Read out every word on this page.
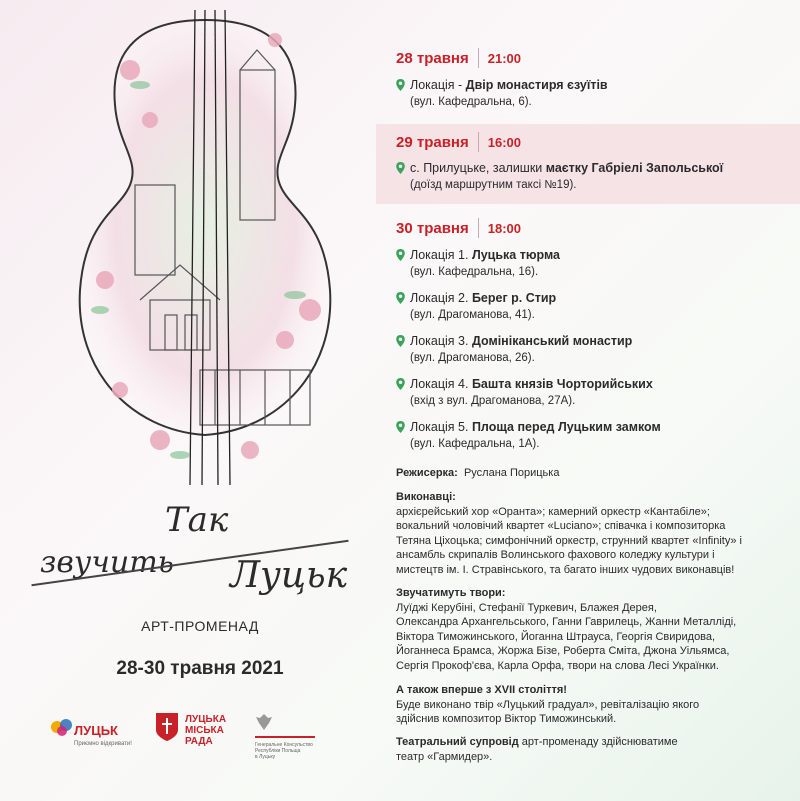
Так
звучить Луцьк
АРТ-ПРОМЕНАД
28-30 травня 2021
ЛУЦЬК
Приємно відкривати!
ЛУЦЬКА
МІСЬКА
РАДА	Генеральне Консульство
Республіки Польща
в Луцьку
28 травня 21:00
Локація - Двір монастиря єзуїтів
(вул. Кафедральна, 6).
29 травня 16:00
с. Прилуцьке, залишки маєтку Габріелі Запольської
(доїзд маршрутним таксі №19).
30 травня 18:00
Локація 1. Луцька тюрма
(вул. Кафедральна, 16).
Локація 2. Берег р. Стир
(вул. Драгоманова, 41).
Локація 3. Домініканський монастир
(вул. Драгоманова, 26).
Локація 4. Башта князів Чорторийських
(вхід з вул. Драгоманова, 27А).
Локація 5. Площа перед Луцьким замком
(вул. Кафедральна, 1А).
Режисерка: Руслана Порицька
Виконавці:
архієрейський хор «Оранта»; камерний оркестр «Кантабіле»;
вокальний чоловічий квартет «Luciano»; співачка і композиторка
Тетяна Ціхоцька; симфонічний оркестр, струнний квартет «Infinity» і
ансамбль скрипалів Волинського фахового коледжу культури і
мистецтв ім. І. Стравінського, та багато інших чудових виконавців!
Звучатимуть твори:
Луїджі Керубіні, Стефанії Туркевич, Блажея Дерея,
Олександра Архангельського, Ганни Гаврилець, Жанни Металліді,
Віктора Тиможинського, Йоганна Штрауса, Георгія Свиридова,
Йоганнеса Брамса, Жоржа Бізе, Роберта Сміта, Джона Уільямса,
Сергія Прокоф'єва, Карла Орфа, твори на слова Лесі Українки.
А також вперше з XVII століття!
Буде виконано твір «Луцький градуал», ревіталізацію якого
здійснив композитор Віктор Тиможинський.
Театральний супровід арт-променаду здійснюватиме
театр «Гармидер».
